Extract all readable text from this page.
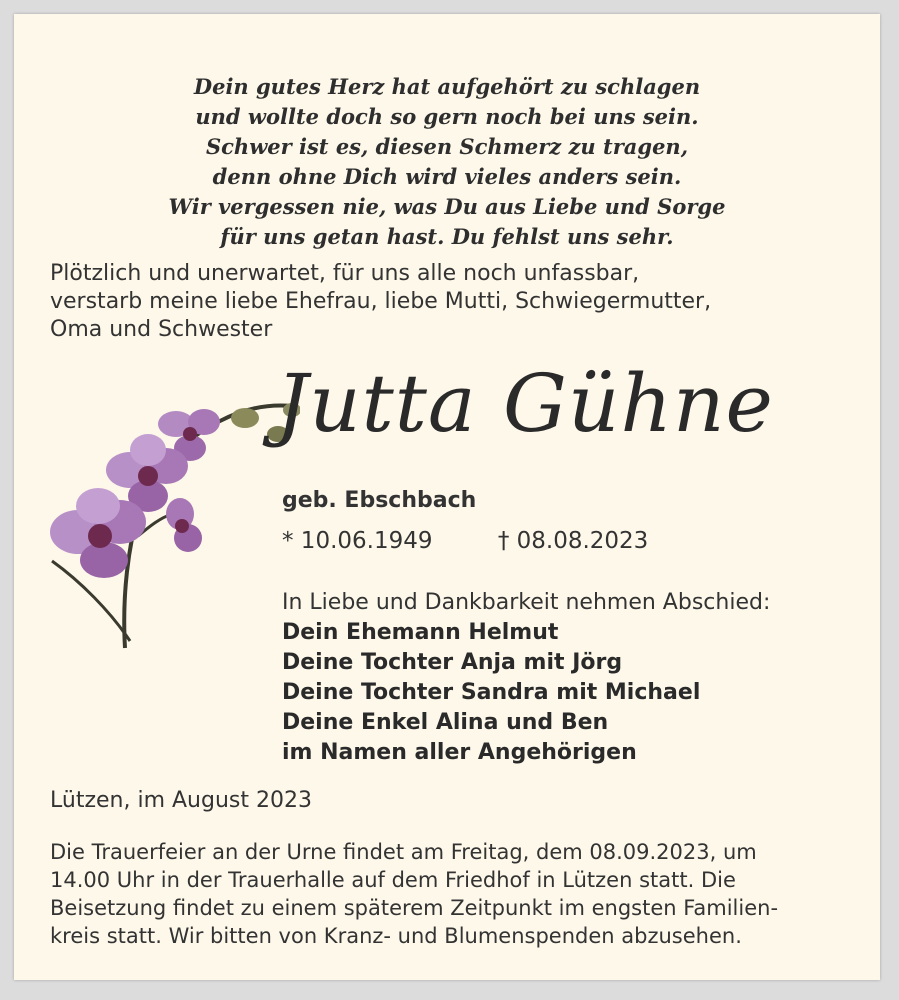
Dein gutes Herz hat aufgehört zu schlagen
und wollte doch so gern noch bei uns sein.
Schwer ist es, diesen Schmerz zu tragen,
denn ohne Dich wird vieles anders sein.
Wir vergessen nie, was Du aus Liebe und Sorge
für uns getan hast. Du fehlst uns sehr.
Plötzlich und unerwartet, für uns alle noch unfassbar,
verstarb meine liebe Ehefrau, liebe Mutti, Schwiegermutter,
Oma und Schwester
Jutta Gühne
geb. Ebschbach
* 10.06.1949	† 08.08.2023
In Liebe und Dankbarkeit nehmen Abschied:
Dein Ehemann Helmut
Deine Tochter Anja mit Jörg
Deine Tochter Sandra mit Michael
Deine Enkel Alina und Ben
im Namen aller Angehörigen
Lützen, im August 2023
Die Trauerfeier an der Urne findet am Freitag, dem 08.09.2023, um
14.00 Uhr in der Trauerhalle auf dem Friedhof in Lützen statt. Die
Beisetzung findet zu einem späterem Zeitpunkt im engsten Familien-
kreis statt. Wir bitten von Kranz- und Blumenspenden abzusehen.
